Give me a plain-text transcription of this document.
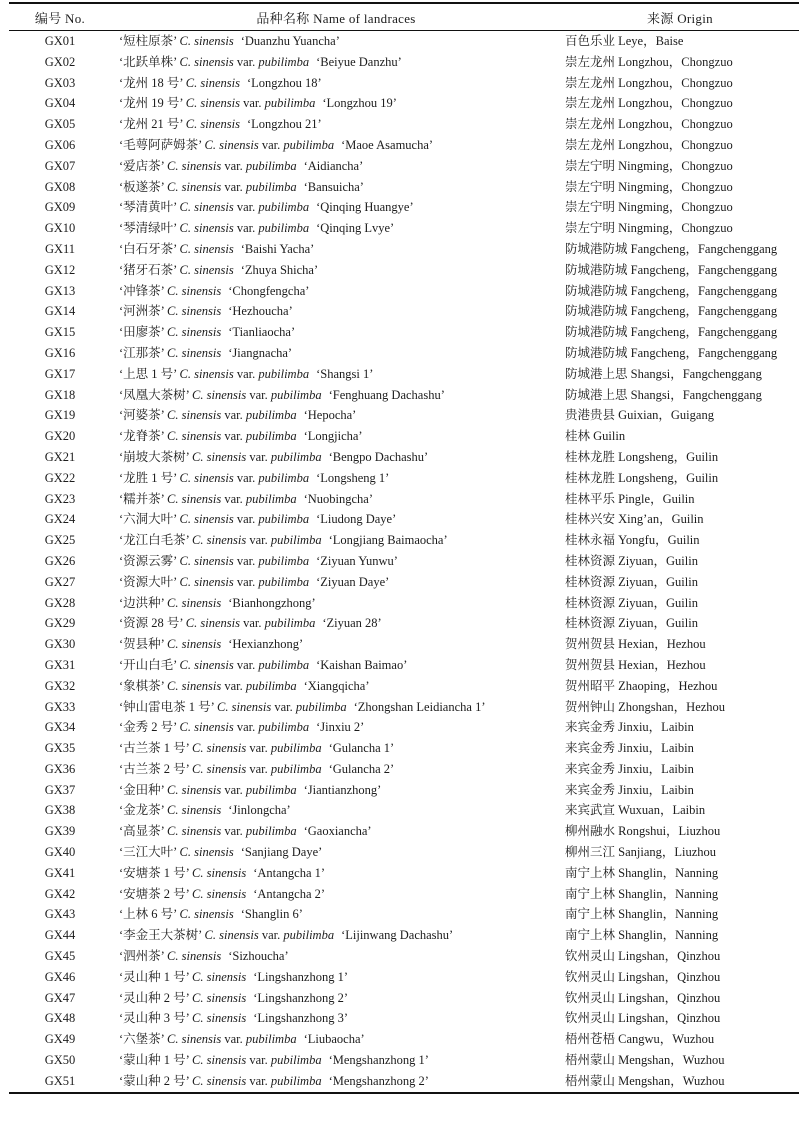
编号 No.	品种名称 Name of landraces	来源 Origin
GX01	‘短柱原茶’ C. sinensis ‘Duanzhu Yuancha’	百色乐业 Leye，Baise
GX02	‘北跃单株’ C. sinensis var. pubilimba ‘Beiyue Danzhu’	崇左龙州 Longzhou，Chongzuo
GX03	‘龙州 18 号’ C. sinensis ‘Longzhou 18’	崇左龙州 Longzhou，Chongzuo
GX04	‘龙州 19 号’ C. sinensis var. pubilimba ‘Longzhou 19’	崇左龙州 Longzhou，Chongzuo
GX05	‘龙州 21 号’ C. sinensis ‘Longzhou 21’	崇左龙州 Longzhou，Chongzuo
GX06	‘毛萼阿萨姆茶’ C. sinensis var. pubilimba ‘Maoe Asamucha’	崇左龙州 Longzhou，Chongzuo
GX07	‘爱店茶’ C. sinensis var. pubilimba ‘Aidiancha’	崇左宁明 Ningming，Chongzuo
GX08	‘板遂茶’ C. sinensis var. pubilimba ‘Bansuicha’	崇左宁明 Ningming，Chongzuo
GX09	‘琴清黄叶’ C. sinensis var. pubilimba ‘Qinqing Huangye’	崇左宁明 Ningming，Chongzuo
GX10	‘琴清绿叶’ C. sinensis var. pubilimba ‘Qinqing Lvye’	崇左宁明 Ningming，Chongzuo
GX11	‘白石牙茶’ C. sinensis ‘Baishi Yacha’	防城港防城 Fangcheng，Fangchenggang
GX12	‘猪牙石茶’ C. sinensis ‘Zhuya Shicha’	防城港防城 Fangcheng，Fangchenggang
GX13	‘冲锋茶’ C. sinensis ‘Chongfengcha’	防城港防城 Fangcheng，Fangchenggang
GX14	‘河洲茶’ C. sinensis ‘Hezhoucha’	防城港防城 Fangcheng，Fangchenggang
GX15	‘田廖茶’ C. sinensis ‘Tianliaocha’	防城港防城 Fangcheng，Fangchenggang
GX16	‘江那茶’ C. sinensis ‘Jiangnacha’	防城港防城 Fangcheng，Fangchenggang
GX17	‘上思 1 号’ C. sinensis var. pubilimba ‘Shangsi 1’	防城港上思 Shangsi，Fangchenggang
GX18	‘凤凰大茶树’ C. sinensis var. pubilimba ‘Fenghuang Dachashu’	防城港上思 Shangsi，Fangchenggang
GX19	‘河婆茶’ C. sinensis var. pubilimba ‘Hepocha’	贵港贵县 Guixian，Guigang
GX20	‘龙脊茶’ C. sinensis var. pubilimba ‘Longjicha’	桂林 Guilin
GX21	‘崩坡大茶树’ C. sinensis var. pubilimba ‘Bengpo Dachashu’	桂林龙胜 Longsheng，Guilin
GX22	‘龙胜 1 号’ C. sinensis var. pubilimba ‘Longsheng 1’	桂林龙胜 Longsheng，Guilin
GX23	‘糯并茶’ C. sinensis var. pubilimba ‘Nuobingcha’	桂林平乐 Pingle，Guilin
GX24	‘六洞大叶’ C. sinensis var. pubilimba ‘Liudong Daye’	桂林兴安 Xing’an，Guilin
GX25	‘龙江白毛茶’ C. sinensis var. pubilimba ‘Longjiang Baimaocha’	桂林永福 Yongfu，Guilin
GX26	‘资源云雾’ C. sinensis var. pubilimba ‘Ziyuan Yunwu’	桂林资源 Ziyuan，Guilin
GX27	‘资源大叶’ C. sinensis var. pubilimba ‘Ziyuan Daye’	桂林资源 Ziyuan，Guilin
GX28	‘边洪种’ C. sinensis ‘Bianhongzhong’	桂林资源 Ziyuan，Guilin
GX29	‘资源 28 号’ C. sinensis var. pubilimba ‘Ziyuan 28’	桂林资源 Ziyuan，Guilin
GX30	‘贺县种’ C. sinensis ‘Hexianzhong’	贺州贺县 Hexian，Hezhou
GX31	‘开山白毛’ C. sinensis var. pubilimba ‘Kaishan Baimao’	贺州贺县 Hexian，Hezhou
GX32	‘象棋茶’ C. sinensis var. pubilimba ‘Xiangqicha’	贺州昭平 Zhaoping，Hezhou
GX33	‘钟山雷电茶 1 号’ C. sinensis var. pubilimba ‘Zhongshan Leidiancha 1’	贺州钟山 Zhongshan，Hezhou
GX34	‘金秀 2 号’ C. sinensis var. pubilimba ‘Jinxiu 2’	来宾金秀 Jinxiu，Laibin
GX35	‘古兰茶 1 号’ C. sinensis var. pubilimba ‘Gulancha 1’	来宾金秀 Jinxiu，Laibin
GX36	‘古兰茶 2 号’ C. sinensis var. pubilimba ‘Gulancha 2’	来宾金秀 Jinxiu，Laibin
GX37	‘金田种’ C. sinensis var. pubilimba ‘Jiantianzhong’	来宾金秀 Jinxiu，Laibin
GX38	‘金龙茶’ C. sinensis ‘Jinlongcha’	来宾武宣 Wuxuan，Laibin
GX39	‘高显茶’ C. sinensis var. pubilimba ‘Gaoxiancha’	柳州融水 Rongshui，Liuzhou
GX40	‘三江大叶’ C. sinensis ‘Sanjiang Daye’	柳州三江 Sanjiang，Liuzhou
GX41	‘安塘茶 1 号’ C. sinensis ‘Antangcha 1’	南宁上林 Shanglin，Nanning
GX42	‘安塘茶 2 号’ C. sinensis ‘Antangcha 2’	南宁上林 Shanglin，Nanning
GX43	‘上林 6 号’ C. sinensis ‘Shanglin 6’	南宁上林 Shanglin，Nanning
GX44	‘李金王大茶树’ C. sinensis var. pubilimba ‘Lijinwang Dachashu’	南宁上林 Shanglin，Nanning
GX45	‘泗州茶’ C. sinensis ‘Sizhoucha’	钦州灵山 Lingshan，Qinzhou
GX46	‘灵山种 1 号’ C. sinensis ‘Lingshanzhong 1’	钦州灵山 Lingshan，Qinzhou
GX47	‘灵山种 2 号’ C. sinensis ‘Lingshanzhong 2’	钦州灵山 Lingshan，Qinzhou
GX48	‘灵山种 3 号’ C. sinensis ‘Lingshanzhong 3’	钦州灵山 Lingshan，Qinzhou
GX49	‘六堡茶’ C. sinensis var. pubilimba ‘Liubaocha’	梧州苍梧 Cangwu，Wuzhou
GX50	‘蒙山种 1 号’ C. sinensis var. pubilimba ‘Mengshanzhong 1’	梧州蒙山 Mengshan，Wuzhou
GX51	‘蒙山种 2 号’ C. sinensis var. pubilimba ‘Mengshanzhong 2’	梧州蒙山 Mengshan，Wuzhou
